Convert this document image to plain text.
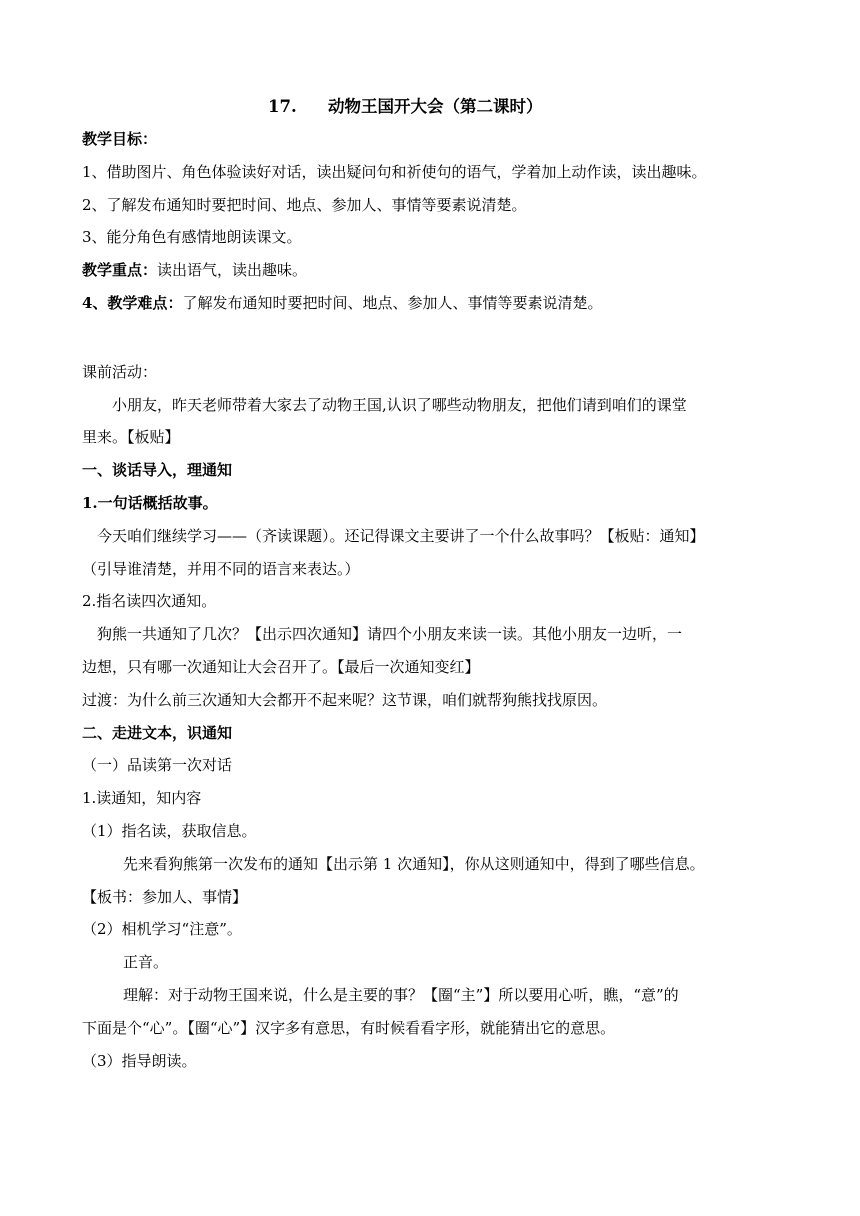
17. 动物王国开大会（第二课时）
教学目标：
1、借助图片、角色体验读好对话，读出疑问句和祈使句的语气，学着加上动作读，读出趣味。
2、了解发布通知时要把时间、地点、参加人、事情等要素说清楚。
3、能分角色有感情地朗读课文。
教学重点：读出语气，读出趣味。
4、教学难点：了解发布通知时要把时间、地点、参加人、事情等要素说清楚。
课前活动：
小朋友，昨天老师带着大家去了动物王国,认识了哪些动物朋友，把他们请到咱们的课堂
里来。【板贴】
一、谈话导入，理通知
1.一句话概括故事。
今天咱们继续学习——（齐读课题）。还记得课文主要讲了一个什么故事吗？【板贴：通知】
（引导谁清楚，并用不同的语言来表达。）
2.指名读四次通知。
狗熊一共通知了几次？【出示四次通知】请四个小朋友来读一读。其他小朋友一边听，一
边想，只有哪一次通知让大会召开了。【最后一次通知变红】
过渡：为什么前三次通知大会都开不起来呢？这节课，咱们就帮狗熊找找原因。
二、走进文本，识通知
（一）品读第一次对话
1.读通知，知内容
（1）指名读，获取信息。
先来看狗熊第一次发布的通知【出示第 1 次通知】，你从这则通知中，得到了哪些信息。
【板书：参加人、事情】
（2）相机学习“注意”。
正音。
理解：对于动物王国来说，什么是主要的事？【圈“主”】所以要用心听，瞧，“意”的
下面是个“心”。【圈“心”】汉字多有意思，有时候看看字形，就能猜出它的意思。
（3）指导朗读。
